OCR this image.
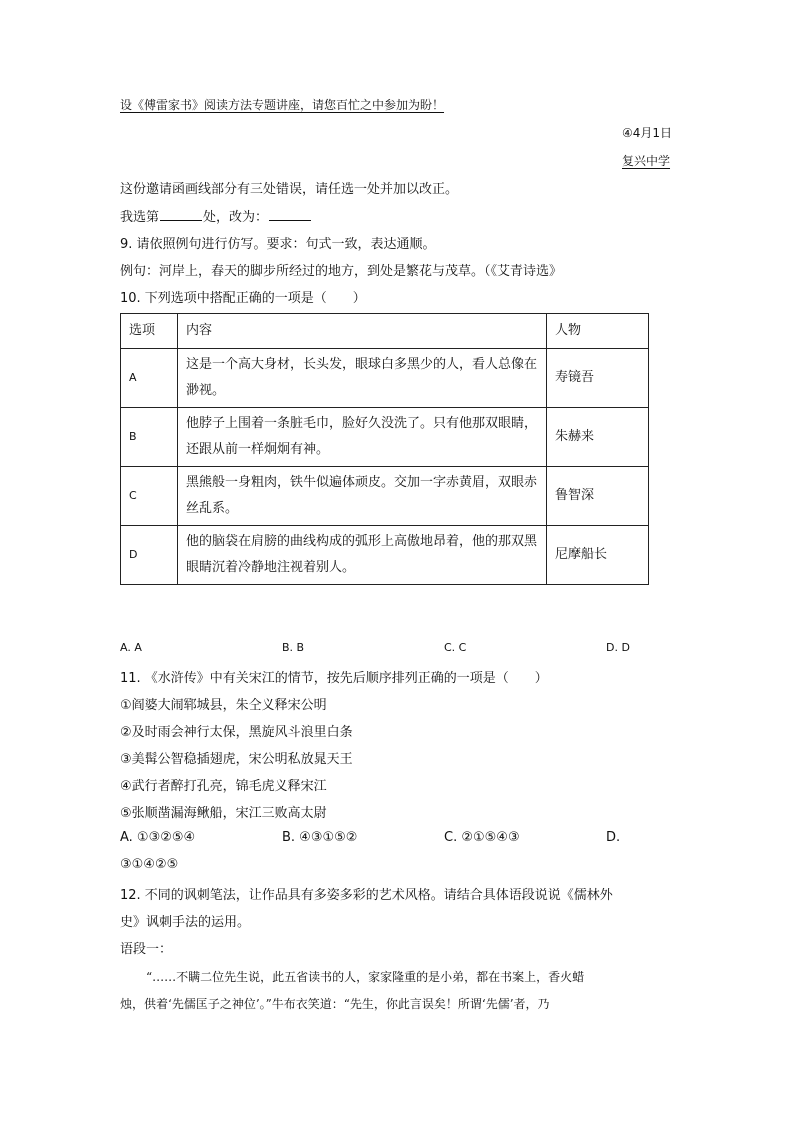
设《傅雷家书》阅读方法专题讲座，请您百忙之中参加为盼！
④4月1日
复兴中学
这份邀请函画线部分有三处错误，请任选一处并加以改正。
我选第	处，改为：
9. 请依照例句进行仿写。要求：句式一致，表达通顺。
例句：河岸上，春天的脚步所经过的地方，到处是繁花与茂草。（《艾青诗选》
10. 下列选项中搭配正确的一项是（　　）
选项	内容	人物
A	这是一个高大身材，长头发，眼球白多黑少的人，看人总像在渺视。	寿镜吾
B	他脖子上围着一条脏毛巾，脸好久没洗了。只有他那双眼睛，还跟从前一样炯炯有神。	朱赫来
C	黑熊般一身粗肉，铁牛似遍体顽皮。交加一字赤黄眉，双眼赤丝乱系。	鲁智深
D	他的脑袋在肩膀的曲线构成的弧形上高傲地昂着，他的那双黑眼睛沉着冷静地注视着别人。	尼摩船长
A. A	B. B	C. C	D. D
11. 《水浒传》中有关宋江的情节，按先后顺序排列正确的一项是（　　）
①阎婆大闹郓城县，朱仝义释宋公明
②及时雨会神行太保，黑旋风斗浪里白条
③美髯公智稳插翅虎，宋公明私放晁天王
④武行者醉打孔亮，锦毛虎义释宋江
⑤张顺凿漏海鳅船，宋江三败高太尉
A. ①③②⑤④	B. ④③①⑤②	C. ②①⑤④③	D.
③①④②⑤
12. 不同的讽刺笔法，让作品具有多姿多彩的艺术风格。请结合具体语段说说《儒林外
史》讽刺手法的运用。
语段一：
“……不瞒二位先生说，此五省读书的人，家家隆重的是小弟，都在书案上，香火蜡
烛，供着‘先儒匡子之神位’。”牛布衣笑道：“先生，你此言误矣！所谓‘先儒’者，乃
